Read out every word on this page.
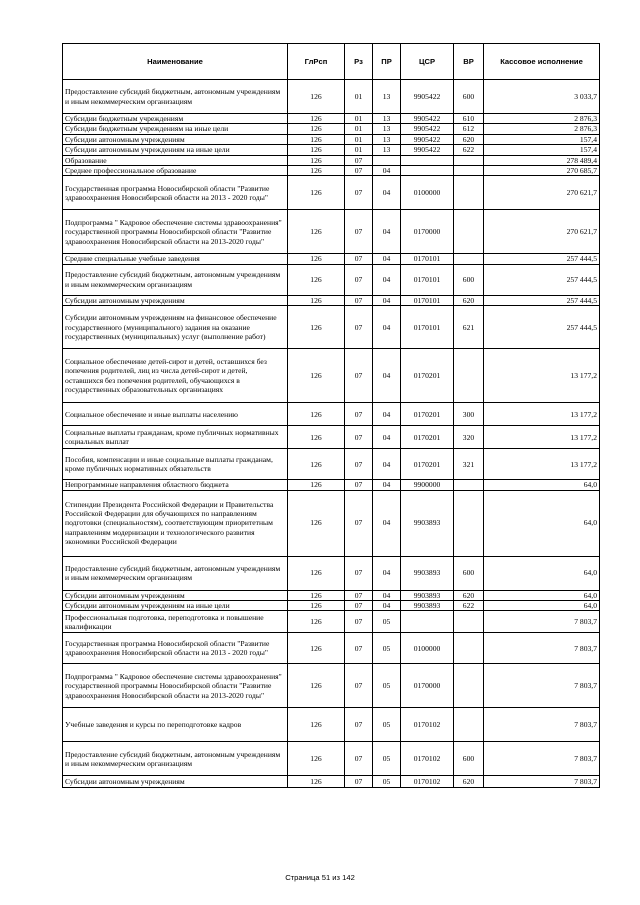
Наименование	ГлРсп	Рз	ПР	ЦСР	ВР	Кассовое исполнение
Предоставление субсидий бюджетным, автономным учреждениям и иным некоммерческим организациям	126	01	13	9905422	600	3 033,7
Субсидии бюджетным учреждениям	126	01	13	9905422	610	2 876,3
Субсидии бюджетным учреждениям на иные цели	126	01	13	9905422	612	2 876,3
Субсидии автономным учреждениям	126	01	13	9905422	620	157,4
Субсидии автономным учреждениям на иные цели	126	01	13	9905422	622	157,4
Образование	126	07				278 489,4
Среднее профессиональное образование	126	07	04			270 685,7
Государственная программа Новосибирской области "Развитие здравоохранения Новосибирской области на 2013 - 2020 годы"	126	07	04	0100000		270 621,7
Подпрограмма " Кадровое обеспечение системы здравоохранения" государственной программы Новосибирской области "Развитие здравоохранения Новосибирской области на 2013-2020 годы"	126	07	04	0170000		270 621,7
Средние специальные учебные заведения	126	07	04	0170101		257 444,5
Предоставление субсидий бюджетным, автономным учреждениям и иным некоммерческим организациям	126	07	04	0170101	600	257 444,5
Субсидии автономным учреждениям	126	07	04	0170101	620	257 444,5
Субсидии автономным учреждениям на финансовое обеспечение государственного (муниципального) задания на оказание государственных (муниципальных) услуг (выполнение работ)	126	07	04	0170101	621	257 444,5
Социальное обеспечение детей-сирот и детей, оставшихся без попечения родителей, лиц из числа детей-сирот и детей, оставшихся без попечения родителей, обучающихся в государственных образовательных организациях	126	07	04	0170201		13 177,2
Социальное обеспечение и иные выплаты населению	126	07	04	0170201	300	13 177,2
Социальные выплаты гражданам, кроме публичных нормативных социальных выплат	126	07	04	0170201	320	13 177,2
Пособия, компенсации и иные социальные выплаты гражданам, кроме публичных нормативных обязательств	126	07	04	0170201	321	13 177,2
Непрограммные направления областного бюджета	126	07	04	9900000		64,0
Стипендии Президента Российской Федерации и Правительства Российской Федерации для обучающихся по направлениям подготовки (специальностям), соответствующим приоритетным направлениям модернизации и технологического развития экономики Российской Федерации	126	07	04	9903893		64,0
Предоставление субсидий бюджетным, автономным учреждениям и иным некоммерческим организациям	126	07	04	9903893	600	64,0
Субсидии автономным учреждениям	126	07	04	9903893	620	64,0
Субсидии автономным учреждениям на иные цели	126	07	04	9903893	622	64,0
Профессиональная подготовка, переподготовка и повышение квалификации	126	07	05			7 803,7
Государственная программа Новосибирской области "Развитие здравоохранения Новосибирской области на 2013 - 2020 годы"	126	07	05	0100000		7 803,7
Подпрограмма " Кадровое обеспечение системы здравоохранения" государственной программы Новосибирской области "Развитие здравоохранения Новосибирской области на 2013-2020 годы"	126	07	05	0170000		7 803,7
Учебные заведения и курсы по переподготовке кадров	126	07	05	0170102		7 803,7
Предоставление субсидий бюджетным, автономным учреждениям и иным некоммерческим организациям	126	07	05	0170102	600	7 803,7
Субсидии автономным учреждениям	126	07	05	0170102	620	7 803,7
Страница 51 из 142
